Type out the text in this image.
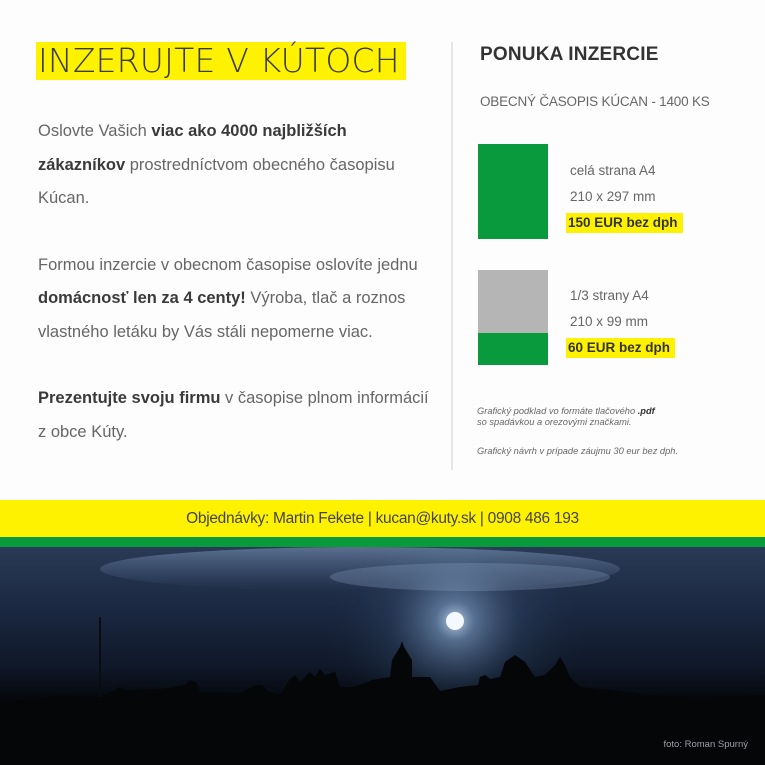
INZERUJTE V KÚTOCH

Oslovte Vašich viac ako 4000 najbližších zákazníkov prostredníctvom obecného časopisu Kúcan.

Formou inzercie v obecnom časopise oslovíte jednu domácnosť len za 4 centy! Výroba, tlač a roznos vlastného letáku by Vás stáli nepomerne viac.

Prezentujte svoju firmu v časopise plnom informácií z obce Kúty.

PONUKA INZERCIE
OBECNÝ ČASOPIS KÚCAN - 1400 KS
celá strana A4
210 x 297 mm
150 EUR bez dph
1/3 strany A4
210 x 99 mm
60 EUR bez dph
Grafický podklad vo formáte tlačového .pdf
so spadávkou a orezovými značkami.
Grafický návrh v prípade záujmu 30 eur bez dph.
Objednávky: Martin Fekete | kucan@kuty.sk | 0908 486 193
foto: Roman Spurný
